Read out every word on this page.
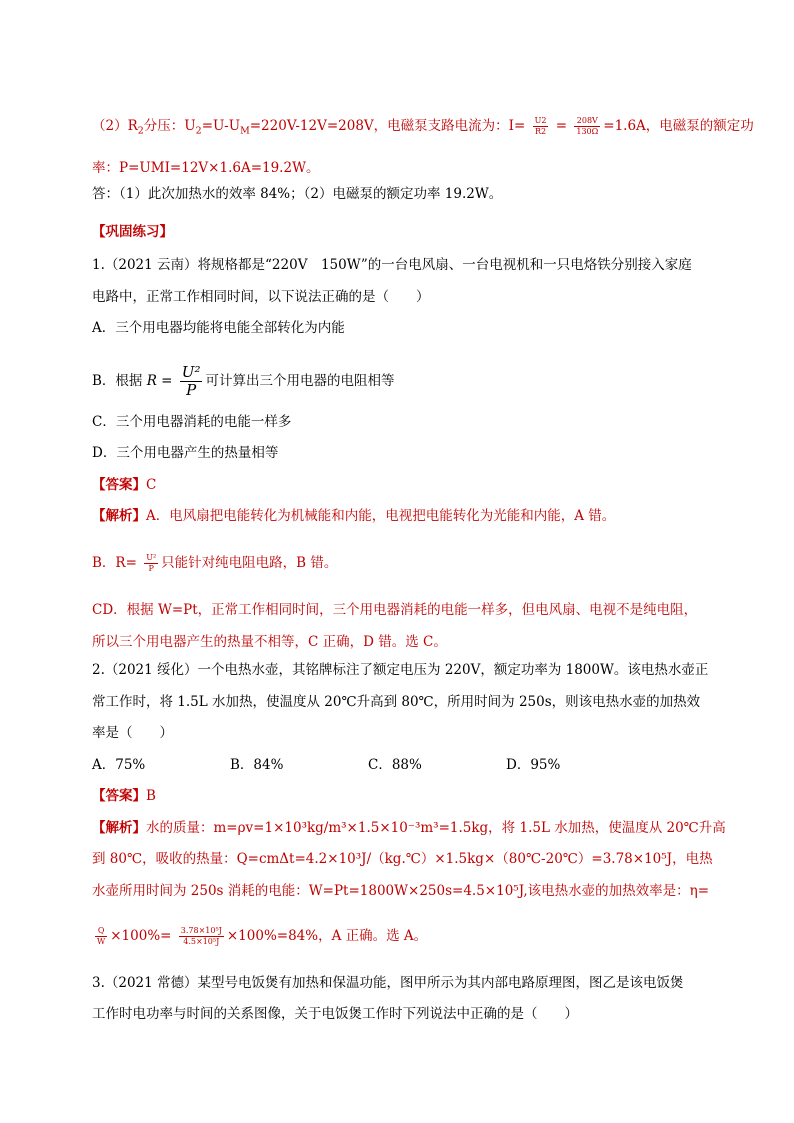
$(2)R_2$分压：$U_2=U-U_M=220V-12V=208V$，电磁泵支路电流为：$I= \frac{U2}{R2} = \frac{208V}{130\Omega} =1.6A$，电磁泵的额定功
率：P=UMI=12V×1.6A=19.2W。
答：（1）此次加热水的效率 84%；（2）电磁泵的额定功率 19.2W。
【巩固练习】
1.（2021 云南）将规格都是“220V　150W”的一台电风扇、一台电视机和一只电烙铁分别接入家庭
电路中，正常工作相同时间，以下说法正确的是（　　）
A．三个用电器均能将电能全部转化为内能
B．根据 $R = \frac{\text{U²}}{P}$ 可计算出三个用电器的电阻相等
C．三个用电器消耗的电能一样多
D．三个用电器产生的热量相等
【答案】C
【解析】A．电风扇把电能转化为机械能和内能，电视把电能转化为光能和内能，A 错。
B．$R= \frac{\text{U²}}{P}$ 只能针对纯电阻电路，B 错。
CD．根据 W=Pt，正常工作相同时间，三个用电器消耗的电能一样多，但电风扇、电视不是纯电阻，
所以三个用电器产生的热量不相等，C 正确，D 错。选 C。
2.（2021 绥化）一个电热水壶，其铭牌标注了额定电压为 220V，额定功率为 1800W。该电热水壶正
常工作时，将 1.5L 水加热，使温度从 20℃升高到 80℃，所用时间为 250s，则该电热水壶的加热效
率是（　　）
A．75%	B．84%	C．88%	D．95%
【答案】B
【解析】水的质量：m=ρv=1×10³kg/m³×1.5×10⁻³m³=1.5kg，将 1.5L 水加热，使温度从 20℃升高
到 80℃，吸收的热量：Q=cmΔt=4.2×10³J/（kg.℃）×1.5kg×（80℃-20℃）=3.78×10⁵J，电热
水壶所用时间为 250s 消耗的电能：W=Pt=1800W×250s=4.5×10⁵J,该电热水壶的加热效率是：η=
$\frac{Q}{W} \times 100\%= \frac{\text{3.78×10⁵J}}{\text{4.5×10⁵J}} \times 100\%=84\%$，A 正确。选 A。
3.（2021 常德）某型号电饭煲有加热和保温功能，图甲所示为其内部电路原理图，图乙是该电饭煲
工作时电功率与时间的关系图像，关于电饭煲工作时下列说法中正确的是（　　）
